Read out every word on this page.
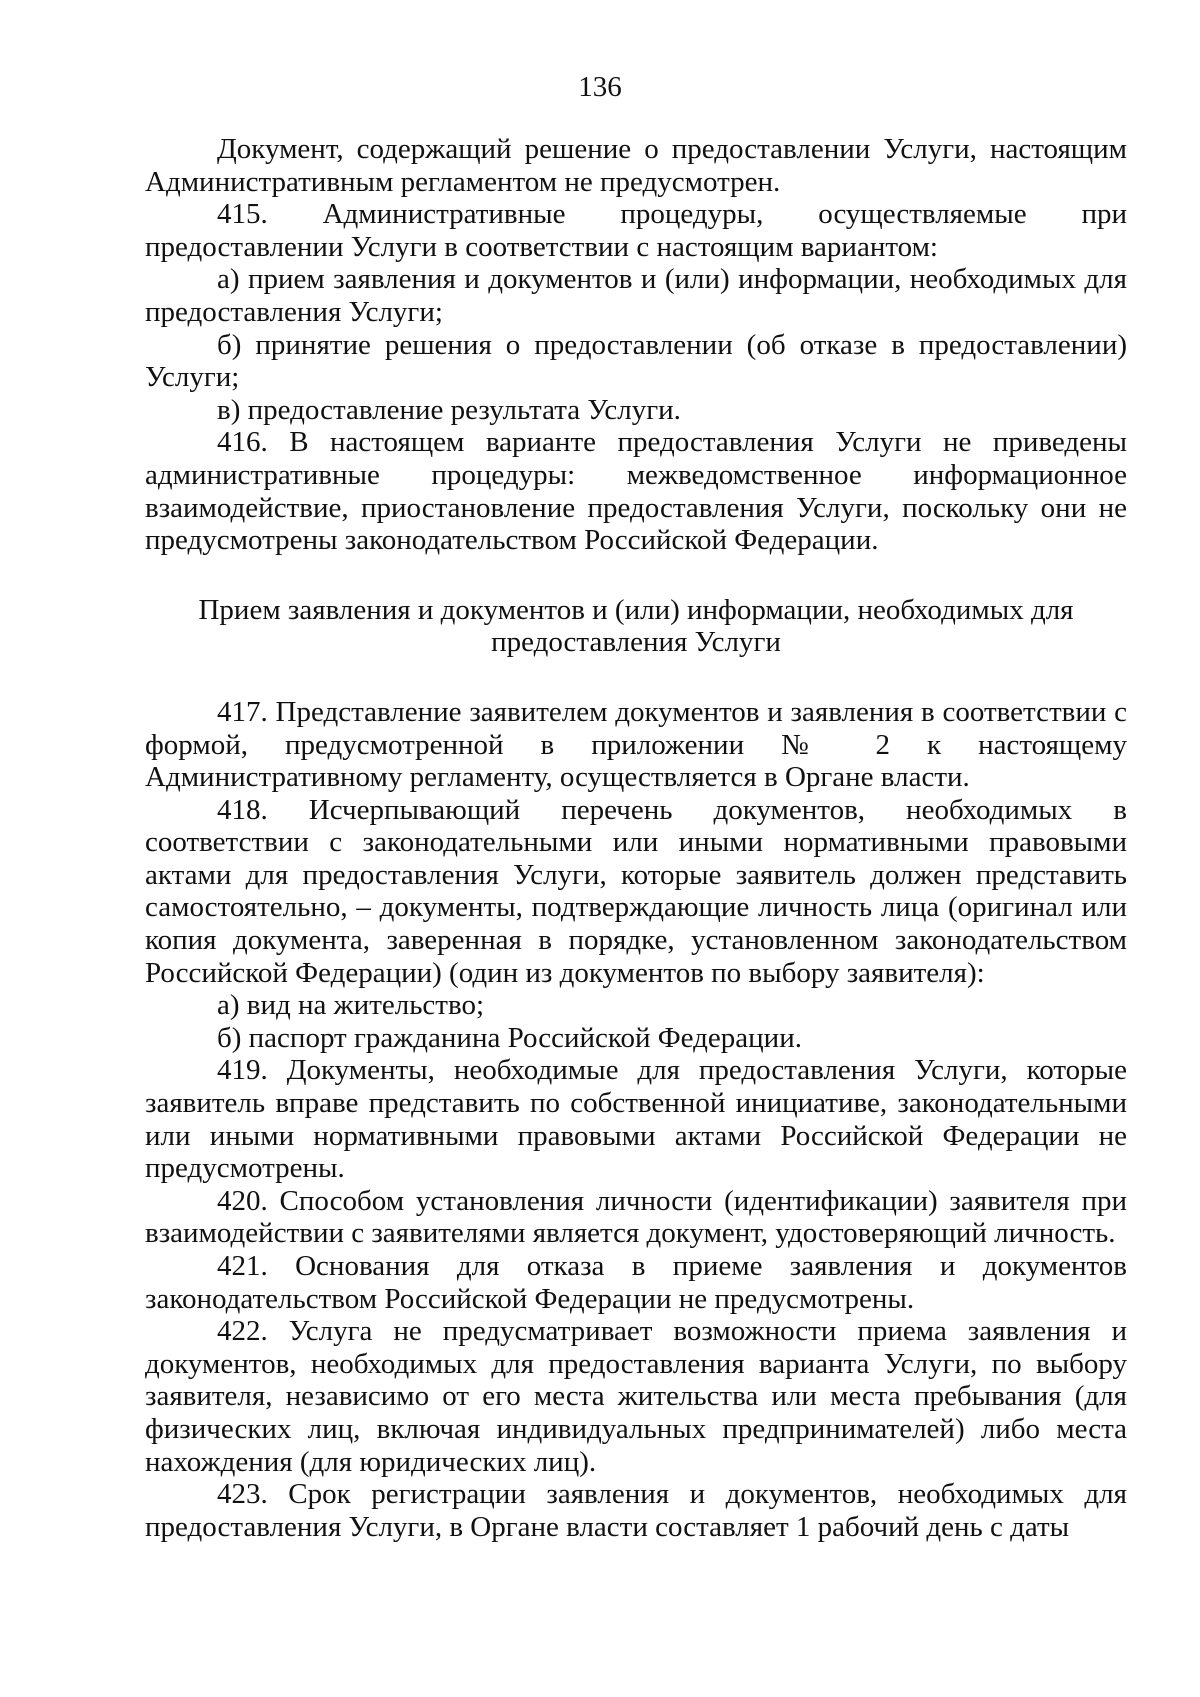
136

Документ, содержащий решение о предоставлении Услуги, настоящим Административным регламентом не предусмотрен.

415. Административные процедуры, осуществляемые при предоставлении Услуги в соответствии с настоящим вариантом:

а) прием заявления и документов и (или) информации, необходимых для предоставления Услуги;

б) принятие решения о предоставлении (об отказе в предоставлении) Услуги;

в) предоставление результата Услуги.

416. В настоящем варианте предоставления Услуги не приведены административные процедуры: межведомственное информационное взаимодействие, приостановление предоставления Услуги, поскольку они не предусмотрены законодательством Российской Федерации.

Прием заявления и документов и (или) информации, необходимых для предоставления Услуги

417. Представление заявителем документов и заявления в соответствии с формой, предусмотренной в приложении № 2 к настоящему Административному регламенту, осуществляется в Органе власти.

418. Исчерпывающий перечень документов, необходимых в соответствии с законодательными или иными нормативными правовыми актами для предоставления Услуги, которые заявитель должен представить самостоятельно, – документы, подтверждающие личность лица (оригинал или копия документа, заверенная в порядке, установленном законодательством Российской Федерации) (один из документов по выбору заявителя):

а) вид на жительство;

б) паспорт гражданина Российской Федерации.

419. Документы, необходимые для предоставления Услуги, которые заявитель вправе представить по собственной инициативе, законодательными или иными нормативными правовыми актами Российской Федерации не предусмотрены.

420. Способом установления личности (идентификации) заявителя при взаимодействии с заявителями является документ, удостоверяющий личность.

421. Основания для отказа в приеме заявления и документов законодательством Российской Федерации не предусмотрены.

422. Услуга не предусматривает возможности приема заявления и документов, необходимых для предоставления варианта Услуги, по выбору заявителя, независимо от его места жительства или места пребывания (для физических лиц, включая индивидуальных предпринимателей) либо места нахождения (для юридических лиц).

423. Срок регистрации заявления и документов, необходимых для предоставления Услуги, в Органе власти составляет 1 рабочий день с даты
